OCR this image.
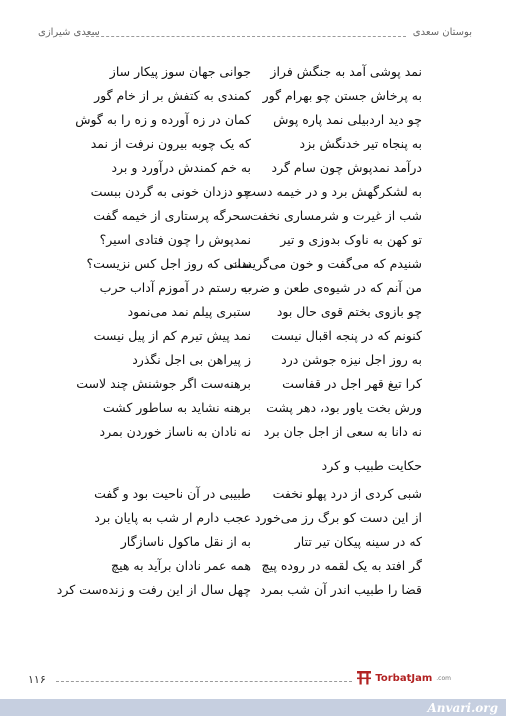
بوستان سعدی
سعدی شیرازی
نمد پوشی آمد به جنگش فراز
جوانی جهان سوز پیکار ساز
به پرخاش جستن چو بهرام گور
کمندی به کتفش بر از خام گور
چو دید اردبیلی نمد پاره پوش
کمان در زه آورده و زه را به گوش
به پنجاه تیر خدنگش بزد
که یک چوبه بیرون نرفت از نمد
درآمد نمدپوش چون سام گرد
به خم کمندش درآورد و برد
به لشکرگهش برد و در خیمه دست
چو دزدان خونی به گردن ببست
شب از غیرت و شرمساری نخفت
سحرگه پرستاری از خیمه گفت
تو کهن به ناوک بدوزی و تیر
نمدپوش را چون فتادی اسیر؟
شنیدم که می‌گفت و خون می‌گریست
ندانی که روز اجل کس نزیست؟
من آنم که در شیوه‌ی طعن و ضرب
به رستم در آموزم آداب حرب
چو بازوی بختم قوی حال بود
ستبری پیلم نمد می‌نمود
کنونم که در پنجه اقبال نیست
نمد پیش تیرم کم از پیل نیست
به روز اجل نیزه جوشن درد
ز پیراهن بی اجل نگذرد
کرا تیغ قهر اجل در قفاست
برهنه‌ست اگر جوشنش چند لاست
ورش بخت یاور بود، دهر پشت
برهنه نشاید به ساطور کشت
نه دانا به سعی از اجل جان برد
نه نادان به ناساز خوردن بمرد
حکایت طبیب و کرد
شبی کردی از درد پهلو نخفت
طبیبی در آن ناحیت بود و گفت
از این دست کو برگ رز می‌خورد
عجب دارم ار شب به پایان برد
که در سینه پیکان تیر تتار
به از نقل ماکول ناسازگار
گر افتد به یک لقمه در روده پیچ
همه عمر نادان برآید به هیچ
قضا را طبیب اندر آن شب بمرد
چهل سال از این رفت و زنده‌ست کرد
۱۱۶	TorbatJam .com
Anvari.org
